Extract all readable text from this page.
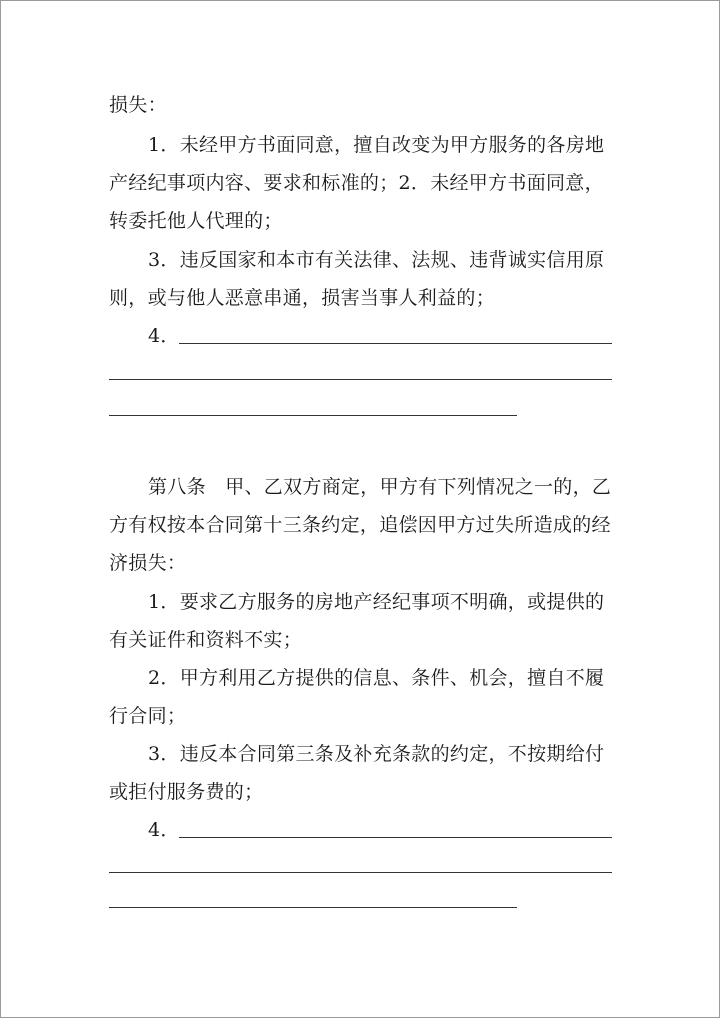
损失：
1．未经甲方书面同意，擅自改变为甲方服务的各房地
产经纪事项内容、要求和标准的；2．未经甲方书面同意，
转委托他人代理的；
3．违反国家和本市有关法律、法规、违背诚实信用原
则，或与他人恶意串通，损害当事人利益的；
4．
第八条　甲、乙双方商定，甲方有下列情况之一的，乙
方有权按本合同第十三条约定，追偿因甲方过失所造成的经
济损失：
1．要求乙方服务的房地产经纪事项不明确，或提供的
有关证件和资料不实；
2．甲方利用乙方提供的信息、条件、机会，擅自不履
行合同；
3．违反本合同第三条及补充条款的约定，不按期给付
或拒付服务费的；
4．
